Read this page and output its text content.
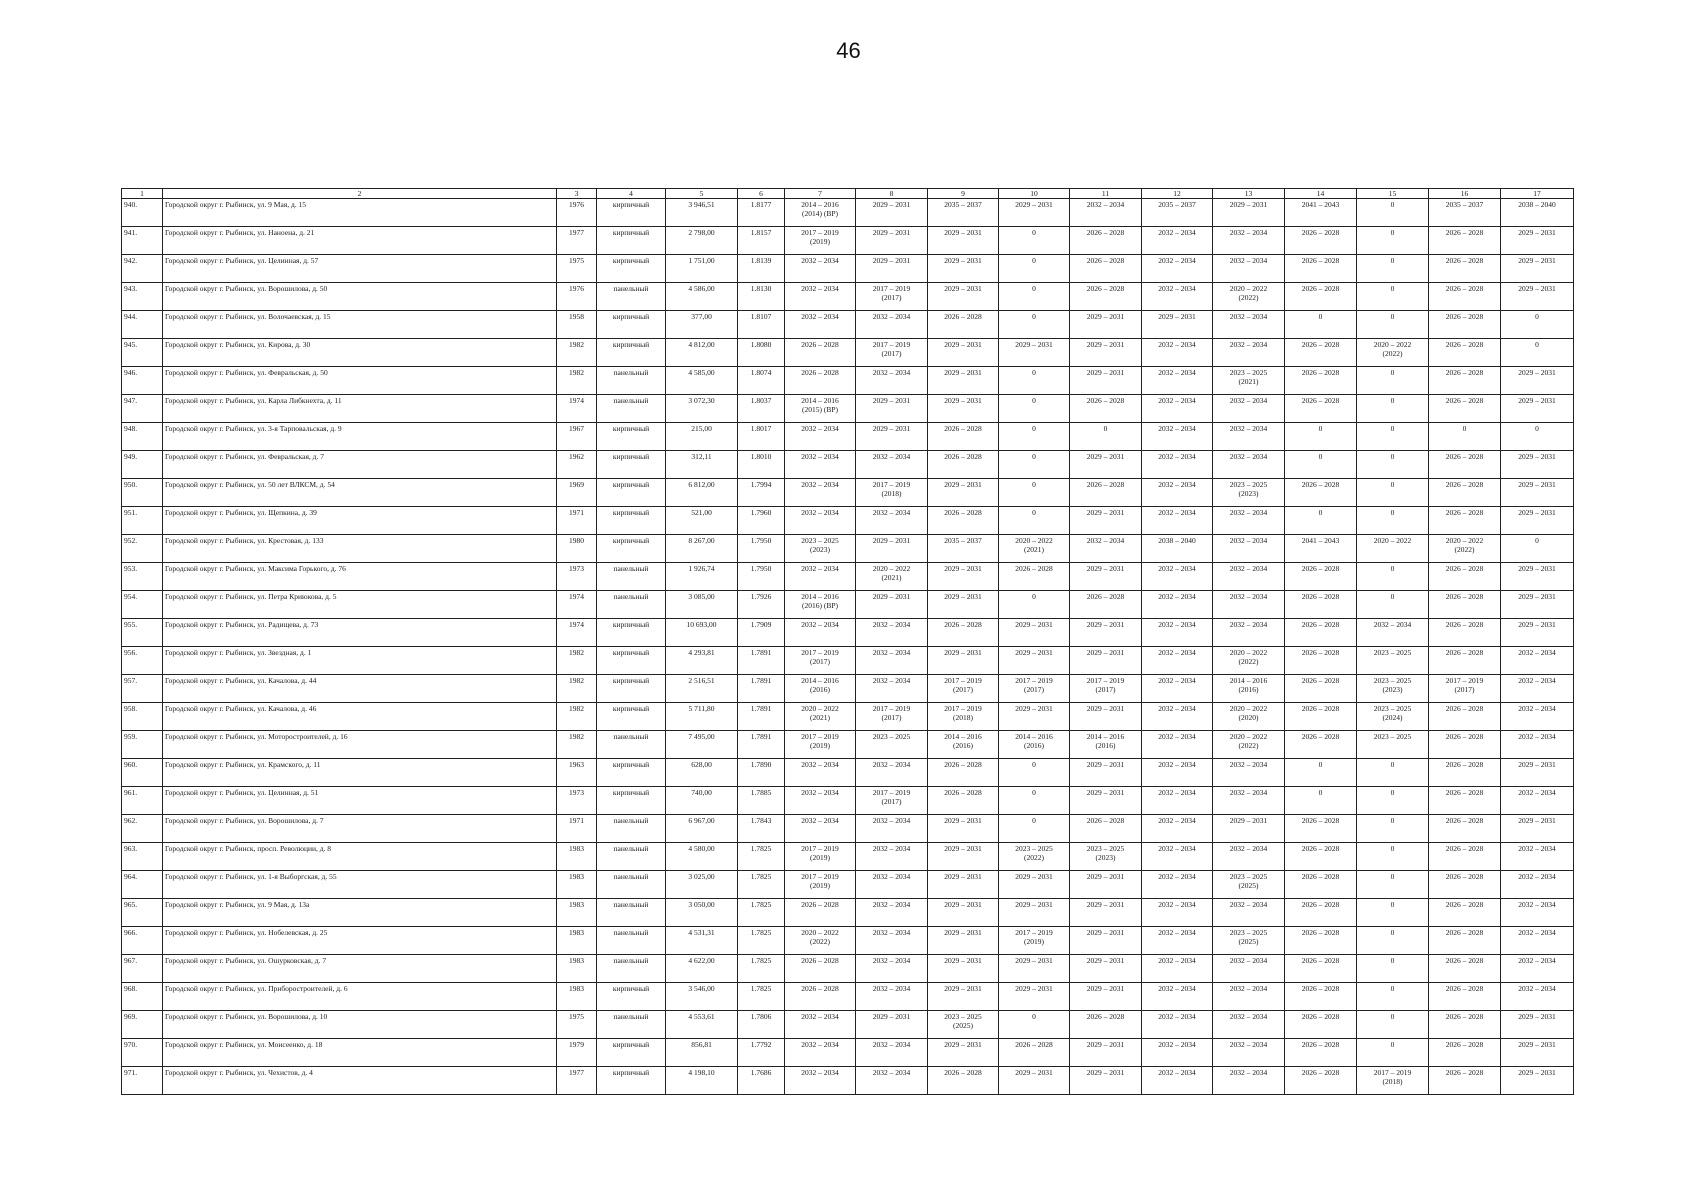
46
1	2	3	4	5	6	7	8	9	10	11	12	13	14	15	16	17

940.	Городской округ г. Рыбинск, ул. 9 Мая, д. 15	1976	кирпичный	3 946,51	1.8177	2014 – 2016
(2014) (ВР)	2029 – 2031	2035 – 2037	2029 – 2031	2032 – 2034	2035 – 2037	2029 – 2031	2041 – 2043	0	2035 – 2037	2038 – 2040

941.	Городской округ г. Рыбинск, ул. Наноена, д. 21	1977	кирпичный	2 798,00	1.8157	2017 – 2019
(2019)	2029 – 2031	2029 – 2031	0	2026 – 2028	2032 – 2034	2032 – 2034	2026 – 2028	0	2026 – 2028	2029 – 2031

942.	Городской округ г. Рыбинск, ул. Целинная, д. 57	1975	кирпичный	1 751,00	1.8139	2032 – 2034	2029 – 2031	2029 – 2031	0	2026 – 2028	2032 – 2034	2032 – 2034	2026 – 2028	0	2026 – 2028	2029 – 2031

943.	Городской округ г. Рыбинск, ул. Ворошилова, д. 50	1976	панельный	4 586,00	1.8130	2032 – 2034	2017 – 2019
(2017)	2029 – 2031	0	2026 – 2028	2032 – 2034	2020 – 2022
(2022)	2026 – 2028	0	2026 – 2028	2029 – 2031

944.	Городской округ г. Рыбинск, ул. Волочаевская, д. 15	1958	кирпичный	377,00	1.8107	2032 – 2034	2032 – 2034	2026 – 2028	0	2029 – 2031	2029 – 2031	2032 – 2034	0	0	2026 – 2028	0

945.	Городской округ г. Рыбинск, ул. Кирова, д. 30	1982	кирпичный	4 812,00	1.8080	2026 – 2028	2017 – 2019
(2017)	2029 – 2031	2029 – 2031	2029 – 2031	2032 – 2034	2032 – 2034	2026 – 2028	2020 – 2022
(2022)	2026 – 2028	0

946.	Городской округ г. Рыбинск, ул. Февральская, д. 50	1982	панельный	4 585,00	1.8074	2026 – 2028	2032 – 2034	2029 – 2031	0	2029 – 2031	2032 – 2034	2023 – 2025
(2021)	2026 – 2028	0	2026 – 2028	2029 – 2031

947.	Городской округ г. Рыбинск, ул. Карла Либкнехта, д. 11	1974	панельный	3 072,30	1.8037	2014 – 2016
(2015) (ВР)	2029 – 2031	2029 – 2031	0	2026 – 2028	2032 – 2034	2032 – 2034	2026 – 2028	0	2026 – 2028	2029 – 2031

948.	Городской округ г. Рыбинск, ул. 3-я Тарповальская, д. 9	1967	кирпичный	215,00	1.8017	2032 – 2034	2029 – 2031	2026 – 2028	0	0	2032 – 2034	2032 – 2034	0	0	0	0

949.	Городской округ г. Рыбинск, ул. Февральская, д. 7	1962	кирпичный	312,11	1.8010	2032 – 2034	2032 – 2034	2026 – 2028	0	2029 – 2031	2032 – 2034	2032 – 2034	0	0	2026 – 2028	2029 – 2031

950.	Городской округ г. Рыбинск, ул. 50 лет ВЛКСМ, д. 54	1969	кирпичный	6 812,00	1.7994	2032 – 2034	2017 – 2019
(2018)	2029 – 2031	0	2026 – 2028	2032 – 2034	2023 – 2025
(2023)	2026 – 2028	0	2026 – 2028	2029 – 2031

951.	Городской округ г. Рыбинск, ул. Щепкина, д. 39	1971	кирпичный	521,00	1.7960	2032 – 2034	2032 – 2034	2026 – 2028	0	2029 – 2031	2032 – 2034	2032 – 2034	0	0	2026 – 2028	2029 – 2031

952.	Городской округ г. Рыбинск, ул. Крестовая, д. 133	1980	кирпичный	8 267,00	1.7950	2023 – 2025
(2023)	2029 – 2031	2035 – 2037	2020 – 2022
(2021)	2032 – 2034	2038 – 2040	2032 – 2034	2041 – 2043	2020 – 2022	2020 – 2022
(2022)	0

953.	Городской округ г. Рыбинск, ул. Максима Горького, д. 76	1973	панельный	1 926,74	1.7950	2032 – 2034	2020 – 2022
(2021)	2029 – 2031	2026 – 2028	2029 – 2031	2032 – 2034	2032 – 2034	2026 – 2028	0	2026 – 2028	2029 – 2031

954.	Городской округ г. Рыбинск, ул. Петра Криюкова, д. 5	1974	панельный	3 085,00	1.7926	2014 – 2016
(2016) (ВР)	2029 – 2031	2029 – 2031	0	2026 – 2028	2032 – 2034	2032 – 2034	2026 – 2028	0	2026 – 2028	2029 – 2031

955.	Городской округ г. Рыбинск, ул. Радищева, д. 73	1974	кирпичный	10 693,00	1.7909	2032 – 2034	2032 – 2034	2026 – 2028	2029 – 2031	2029 – 2031	2032 – 2034	2032 – 2034	2026 – 2028	2032 – 2034	2026 – 2028	2029 – 2031

956.	Городской округ г. Рыбинск, ул. Звездная, д. 1	1982	кирпичный	4 293,81	1.7891	2017 – 2019
(2017)	2032 – 2034	2029 – 2031	2029 – 2031	2029 – 2031	2032 – 2034	2020 – 2022
(2022)	2026 – 2028	2023 – 2025	2026 – 2028	2032 – 2034

957.	Городской округ г. Рыбинск, ул. Качалова, д. 44	1982	кирпичный	2 516,51	1.7891	2014 – 2016
(2016)	2032 – 2034	2017 – 2019
(2017)	2017 – 2019
(2017)	2017 – 2019
(2017)	2032 – 2034	2014 – 2016
(2016)	2026 – 2028	2023 – 2025
(2023)	2017 – 2019
(2017)	2032 – 2034

958.	Городской округ г. Рыбинск, ул. Качалова, д. 46	1982	кирпичный	5 711,80	1.7891	2020 – 2022
(2021)	2017 – 2019
(2017)	2017 – 2019
(2018)	2029 – 2031	2029 – 2031	2032 – 2034	2020 – 2022
(2020)	2026 – 2028	2023 – 2025
(2024)	2026 – 2028	2032 – 2034

959.	Городской округ г. Рыбинск, ул. Моторостроителей, д. 16	1982	панельный	7 495,00	1.7891	2017 – 2019
(2019)	2023 – 2025	2014 – 2016
(2016)	2014 – 2016
(2016)	2014 – 2016
(2016)	2032 – 2034	2020 – 2022
(2022)	2026 – 2028	2023 – 2025	2026 – 2028	2032 – 2034

960.	Городской округ г. Рыбинск, ул. Крамского, д. 11	1963	кирпичный	628,00	1.7890	2032 – 2034	2032 – 2034	2026 – 2028	0	2029 – 2031	2032 – 2034	2032 – 2034	0	0	2026 – 2028	2029 – 2031

961.	Городской округ г. Рыбинск, ул. Целинная, д. 51	1973	кирпичный	740,00	1.7885	2032 – 2034	2017 – 2019
(2017)	2026 – 2028	0	2029 – 2031	2032 – 2034	2032 – 2034	0	0	2026 – 2028	2032 – 2034

962.	Городской округ г. Рыбинск, ул. Ворошилова, д. 7	1971	панельный	6 967,00	1.7843	2032 – 2034	2032 – 2034	2029 – 2031	0	2026 – 2028	2032 – 2034	2029 – 2031	2026 – 2028	0	2026 – 2028	2029 – 2031

963.	Городской округ г. Рыбинск, просп. Революции, д. 8	1983	панельный	4 580,00	1.7825	2017 – 2019
(2019)	2032 – 2034	2029 – 2031	2023 – 2025
(2022)	2023 – 2025
(2023)	2032 – 2034	2032 – 2034	2026 – 2028	0	2026 – 2028	2032 – 2034

964.	Городской округ г. Рыбинск, ул. 1-я Выборгская, д. 55	1983	панельный	3 025,00	1.7825	2017 – 2019
(2019)	2032 – 2034	2029 – 2031	2029 – 2031	2029 – 2031	2032 – 2034	2023 – 2025
(2025)	2026 – 2028	0	2026 – 2028	2032 – 2034

965.	Городской округ г. Рыбинск, ул. 9 Мая, д. 13а	1983	панельный	3 050,00	1.7825	2026 – 2028	2032 – 2034	2029 – 2031	2029 – 2031	2029 – 2031	2032 – 2034	2032 – 2034	2026 – 2028	0	2026 – 2028	2032 – 2034

966.	Городской округ г. Рыбинск, ул. Нобелевская, д. 25	1983	панельный	4 531,31	1.7825	2020 – 2022
(2022)	2032 – 2034	2029 – 2031	2017 – 2019
(2019)	2029 – 2031	2032 – 2034	2023 – 2025
(2025)	2026 – 2028	0	2026 – 2028	2032 – 2034

967.	Городской округ г. Рыбинск, ул. Ошурковская, д. 7	1983	панельный	4 622,00	1.7825	2026 – 2028	2032 – 2034	2029 – 2031	2029 – 2031	2029 – 2031	2032 – 2034	2032 – 2034	2026 – 2028	0	2026 – 2028	2032 – 2034

968.	Городской округ г. Рыбинск, ул. Приборостроителей, д. 6	1983	кирпичный	3 546,00	1.7825	2026 – 2028	2032 – 2034	2029 – 2031	2029 – 2031	2029 – 2031	2032 – 2034	2032 – 2034	2026 – 2028	0	2026 – 2028	2032 – 2034

969.	Городской округ г. Рыбинск, ул. Ворошилова, д. 10	1975	панельный	4 553,61	1.7806	2032 – 2034	2029 – 2031	2023 – 2025
(2025)	0	2026 – 2028	2032 – 2034	2032 – 2034	2026 – 2028	0	2026 – 2028	2029 – 2031

970.	Городской округ г. Рыбинск, ул. Моисеенко, д. 18	1979	кирпичный	856,81	1.7792	2032 – 2034	2032 – 2034	2029 – 2031	2026 – 2028	2029 – 2031	2032 – 2034	2032 – 2034	2026 – 2028	0	2026 – 2028	2029 – 2031

971.	Городской округ г. Рыбинск, ул. Чехистов, д. 4	1977	кирпичный	4 198,10	1.7686	2032 – 2034	2032 – 2034	2026 – 2028	2029 – 2031	2029 – 2031	2032 – 2034	2032 – 2034	2026 – 2028	2017 – 2019
(2018)	2026 – 2028	2029 – 2031
